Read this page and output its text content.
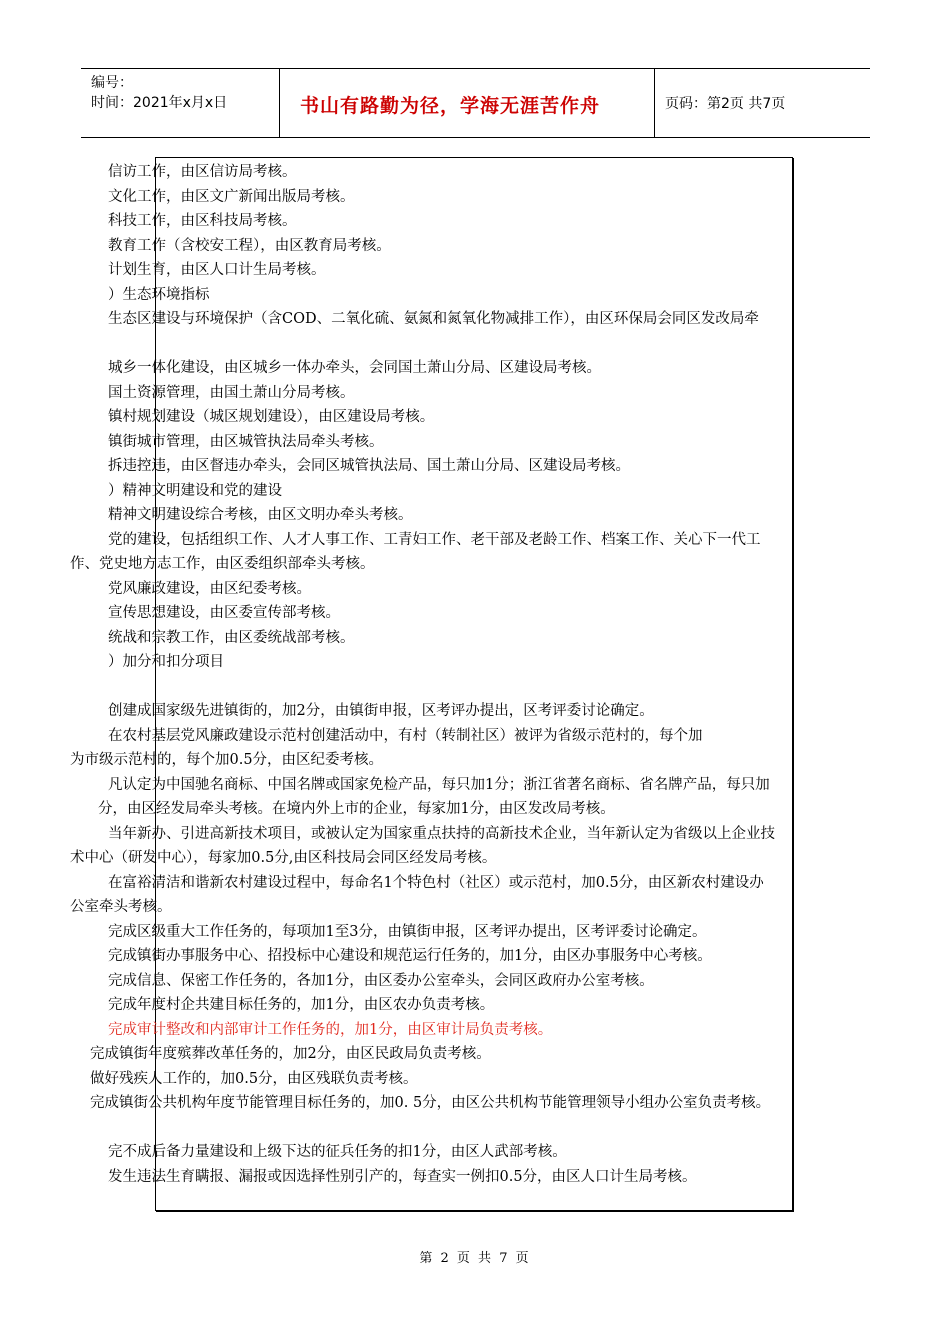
编号：
时间：2021年x月x日	书山有路勤为径，学海无涯苦作舟	页码：第2页 共7页

信访工作，由区信访局考核。

文化工作，由区文广新闻出版局考核。

科技工作，由区科技局考核。

教育工作（含校安工程），由区教育局考核。

计划生育，由区人口计生局考核。

）生态环境指标

生态区建设与环境保护（含COD、二氧化硫、氨氮和氮氧化物减排工作），由区环保局会同区发改局牵

城乡一体化建设，由区城乡一体办牵头，会同国土萧山分局、区建设局考核。

国土资源管理，由国土萧山分局考核。

镇村规划建设（城区规划建设），由区建设局考核。

镇街城市管理，由区城管执法局牵头考核。

拆违控违，由区督违办牵头，会同区城管执法局、国土萧山分局、区建设局考核。

）精神文明建设和党的建设

精神文明建设综合考核，由区文明办牵头考核。

党的建设，包括组织工作、人才人事工作、工青妇工作、老干部及老龄工作、档案工作、关心下一代工

作、党史地方志工作，由区委组织部牵头考核。

党风廉政建设，由区纪委考核。

宣传思想建设，由区委宣传部考核。

统战和宗教工作，由区委统战部考核。

）加分和扣分项目

创建成国家级先进镇街的，加2分，由镇街申报，区考评办提出，区考评委讨论确定。

在农村基层党风廉政建设示范村创建活动中，有村（转制社区）被评为省级示范村的，每个加

为市级示范村的，每个加0.5分，由区纪委考核。

凡认定为中国驰名商标、中国名牌或国家免检产品，每只加1分；浙江省著名商标、省名牌产品，每只加

分，由区经发局牵头考核。在境内外上市的企业，每家加1分，由区发改局考核。

当年新办、引进高新技术项目，或被认定为国家重点扶持的高新技术企业，当年新认定为省级以上企业技

术中心（研发中心），每家加0.5分,由区科技局会同区经发局考核。

在富裕清洁和谐新农村建设过程中，每命名1个特色村（社区）或示范村，加0.5分，由区新农村建设办

公室牵头考核。

完成区级重大工作任务的，每项加1至3分，由镇街申报，区考评办提出，区考评委讨论确定。

完成镇街办事服务中心、招投标中心建设和规范运行任务的，加1分，由区办事服务中心考核。

完成信息、保密工作任务的，各加1分，由区委办公室牵头，会同区政府办公室考核。

完成年度村企共建目标任务的，加1分，由区农办负责考核。

完成审计整改和内部审计工作任务的，加1分，由区审计局负责考核。

完成镇街年度殡葬改革任务的，加2分，由区民政局负责考核。

做好残疾人工作的，加0.5分，由区残联负责考核。

完成镇街公共机构年度节能管理目标任务的，加0. 5分，由区公共机构节能管理领导小组办公室负责考核。

完不成后备力量建设和上级下达的征兵任务的扣1分，由区人武部考核。

发生违法生育瞒报、漏报或因选择性别引产的，每查实一例扣0.5分，由区人口计生局考核。

第 2 页 共 7 页
